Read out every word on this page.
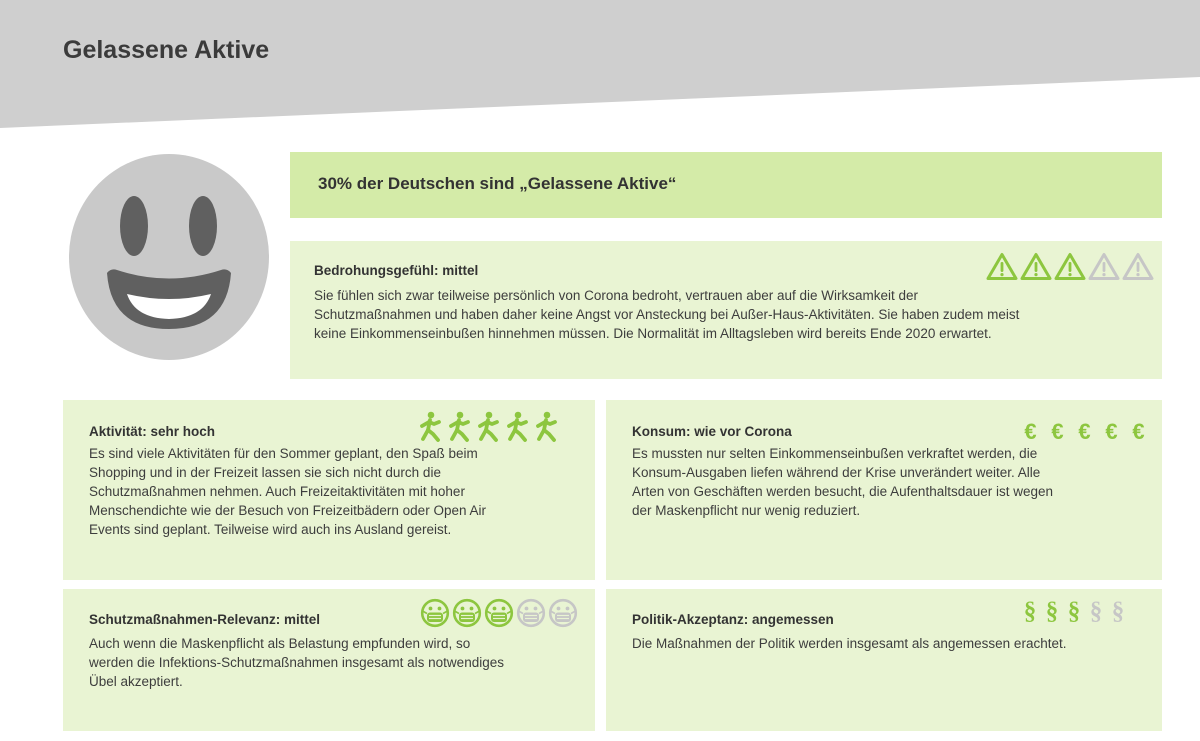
Gelassene Aktive
30% der Deutschen sind „Gelassene Aktive“
Bedrohungsgefühl: mittel
Sie fühlen sich zwar teilweise persönlich von Corona bedroht, vertrauen aber auf die Wirksamkeit der
Schutzmaßnahmen und haben daher keine Angst vor Ansteckung bei Außer-Haus-Aktivitäten. Sie haben zudem meist
keine Einkommenseinbußen hinnehmen müssen. Die Normalität im Alltagsleben wird bereits Ende 2020 erwartet.
Aktivität: sehr hoch
Es sind viele Aktivitäten für den Sommer geplant, den Spaß beim
Shopping und in der Freizeit lassen sie sich nicht durch die
Schutzmaßnahmen nehmen. Auch Freizeitaktivitäten mit hoher
Menschendichte wie der Besuch von Freizeitbädern oder Open Air
Events sind geplant. Teilweise wird auch ins Ausland gereist.
Konsum: wie vor Corona	€ € € € €
Es mussten nur selten Einkommenseinbußen verkraftet werden, die
Konsum-Ausgaben liefen während der Krise unverändert weiter. Alle
Arten von Geschäften werden besucht, die Aufenthaltsdauer ist wegen
der Maskenpflicht nur wenig reduziert.
Schutzmaßnahmen-Relevanz: mittel
Auch wenn die Maskenpflicht als Belastung empfunden wird, so
werden die Infektions-Schutzmaßnahmen insgesamt als notwendiges
Übel akzeptiert.
Politik-Akzeptanz: angemessen	§ § § § §
Die Maßnahmen der Politik werden insgesamt als angemessen erachtet.
